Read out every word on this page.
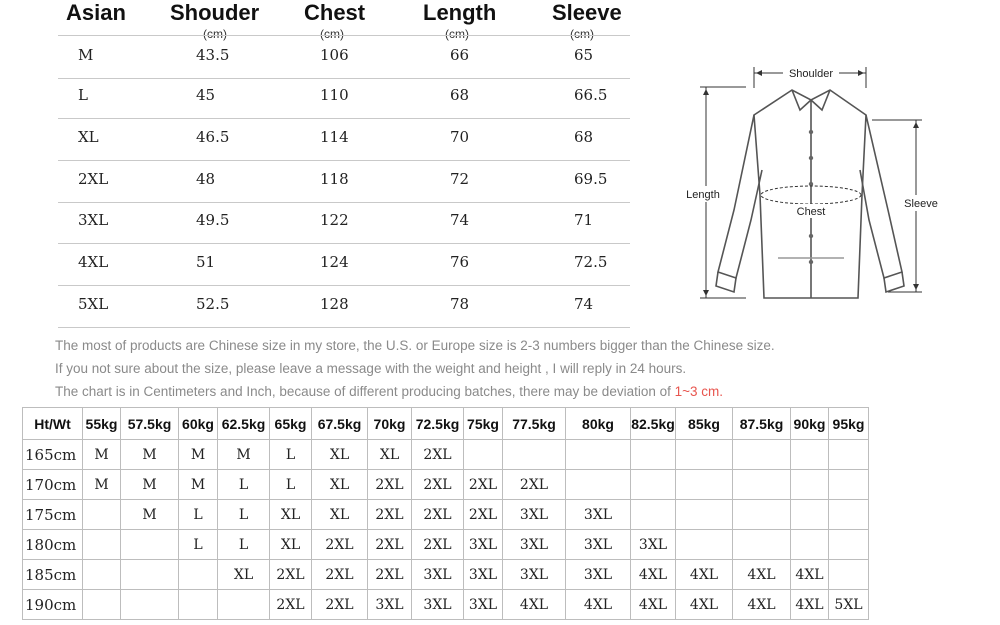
Asian Shouder Chest	Length	Sleeve
(cm)	(cm)	(cm)	(cm)
M	43.5	106	66	65
L	45	110	68	66.5
XL	46.5	114	70	68
2XL	48	118	72	69.5
3XL	49.5	122	74	71
4XL	51	124	76	72.5
5XL	52.5	128	78	74
Shoulder
Length
Sleeve
Chest
The most of products are Chinese size in my store, the U.S. or Europe size is 2-3 numbers bigger than the Chinese size.
If you not sure about the size, please leave a message with the weight and height , I will reply in 24 hours.
The chart is in Centimeters and Inch, because of different producing batches, there may be deviation of 1~3 cm.
Ht/Wt	55kg	57.5kg	60kg	62.5kg	65kg	67.5kg	70kg	72.5kg	75kg	77.5kg	80kg	82.5kg	85kg	87.5kg	90kg	95kg
165cm	M	M	M	M	L	XL	XL	2XL								
170cm	M	M	M	L	L	XL	2XL	2XL	2XL	2XL						
175cm		M	L	L	XL	XL	2XL	2XL	2XL	3XL	3XL					
180cm			L	L	XL	2XL	2XL	2XL	3XL	3XL	3XL	3XL				
185cm				XL	2XL	2XL	2XL	3XL	3XL	3XL	3XL	4XL	4XL	4XL	4XL	
190cm					2XL	2XL	3XL	3XL	3XL	4XL	4XL	4XL	4XL	4XL	4XL	5XL
